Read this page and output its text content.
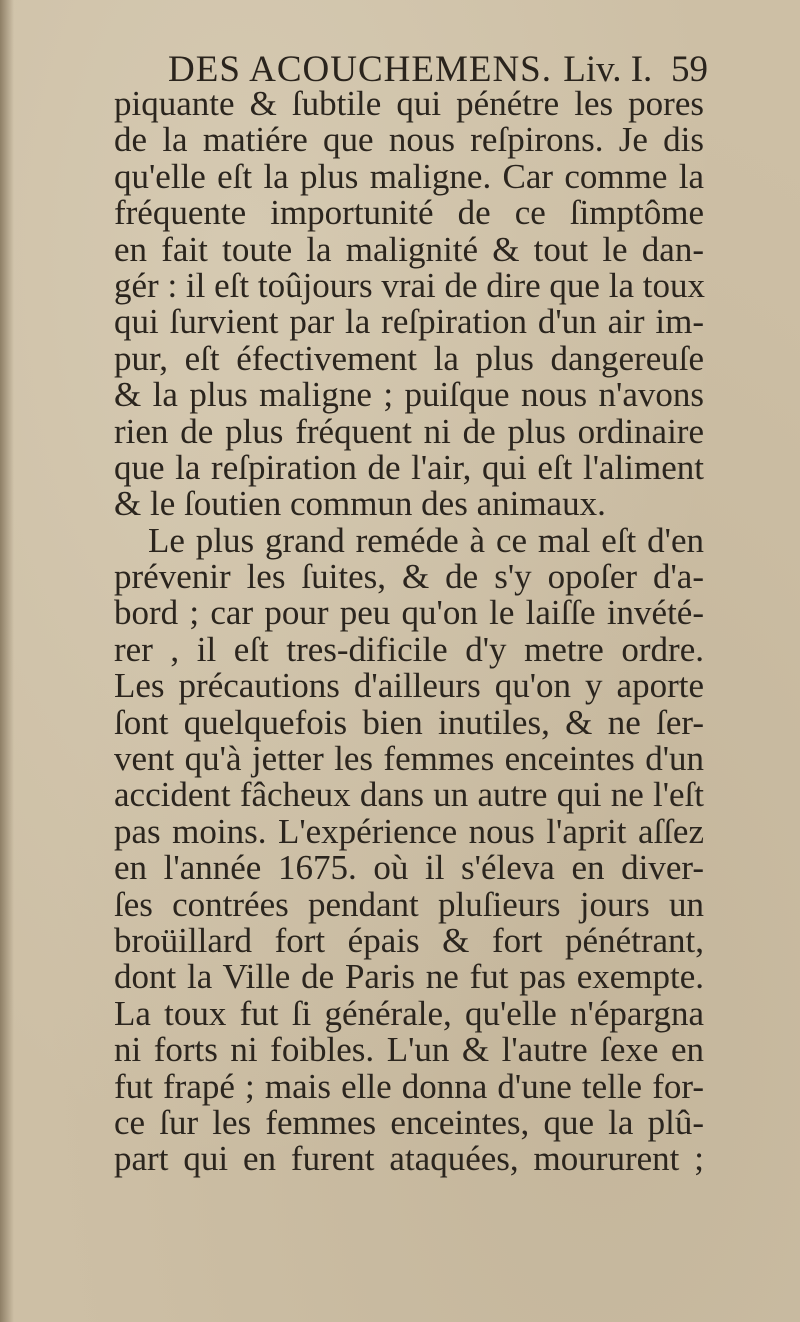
DES ACOUCHEMENS. Liv. I. 59
piquante & ſubtile qui pénétre les pores
de la matiére que nous reſpirons. Je dis
qu'elle eſt la plus maligne. Car comme la
fréquente importunité de ce ſimptôme
en fait toute la malignité & tout le dan-
gér : il eſt toûjours vrai de dire que la toux
qui ſurvient par la reſpiration d'un air im-
pur, eſt éfectivement la plus dangereuſe
& la plus maligne ; puiſque nous n'avons
rien de plus fréquent ni de plus ordinaire
que la reſpiration de l'air, qui eſt l'aliment
& le ſoutien commun des animaux.
Le plus grand reméde à ce mal eſt d'en
prévenir les ſuites, & de s'y opoſer d'a-
bord ; car pour peu qu'on le laiſſe invété-
rer , il eſt tres-dificile d'y metre ordre.
Les précautions d'ailleurs qu'on y aporte
ſont quelquefois bien inutiles, & ne ſer-
vent qu'à jetter les femmes enceintes d'un
accident fâcheux dans un autre qui ne l'eſt
pas moins. L'expérience nous l'aprit aſſez
en l'année 1675. où il s'éleva en diver-
ſes contrées pendant pluſieurs jours un
broüillard fort épais & fort pénétrant,
dont la Ville de Paris ne fut pas exempte.
La toux fut ſi générale, qu'elle n'épargna
ni forts ni foibles. L'un & l'autre ſexe en
fut frapé ; mais elle donna d'une telle for-
ce ſur les femmes enceintes, que la plû-
part qui en furent ataquées, moururent ;
